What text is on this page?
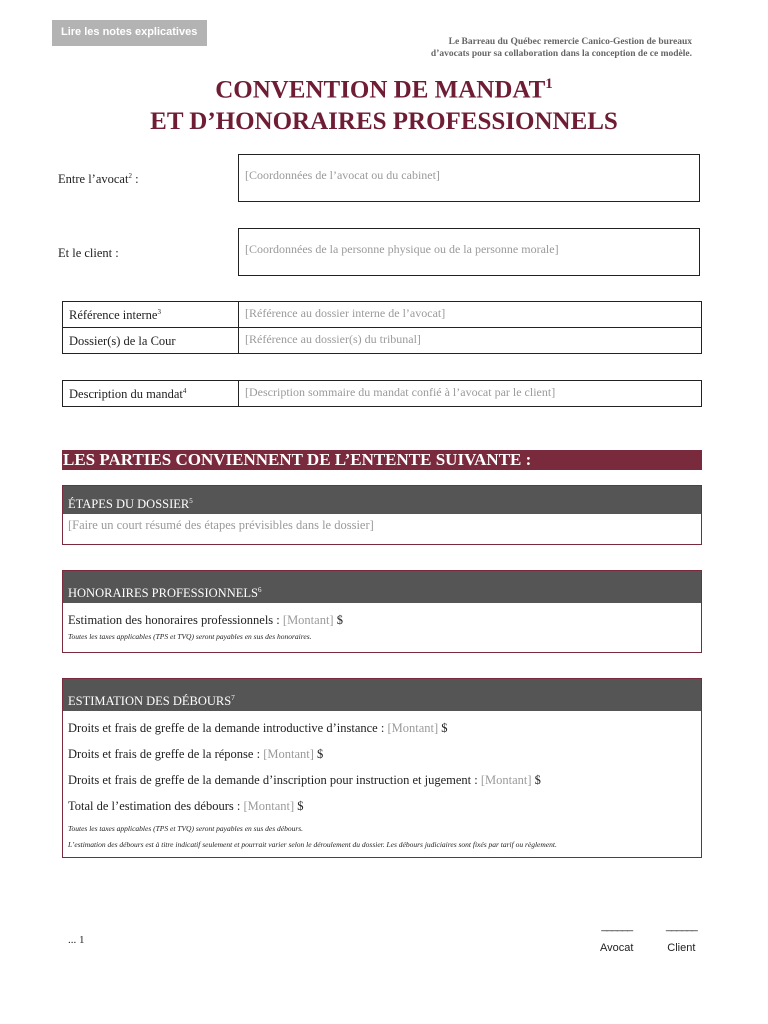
Lire les notes explicatives
Le Barreau du Québec remercie Canico-Gestion de bureaux
d’avocats pour sa collaboration dans la conception de ce modèle.
CONVENTION DE MANDAT$^1$
ET D’HONORAIRES PROFESSIONNELS
Entre l’avocat$^2$ :	[Coordonnées de l’avocat ou du cabinet]
Et le client :	[Coordonnées de la personne physique ou de la personne morale]
Référence interne$^3$	[Référence au dossier interne de l’avocat]
Dossier(s) de la Cour	[Référence au dossier(s) du tribunal]
Description du mandat$^4$	[Description sommaire du mandat confié à l’avocat par le client]
LES PARTIES CONVIENNENT DE L’ENTENTE SUIVANTE :
ÉTAPES DU DOSSIER$^5$
[Faire un court résumé des étapes prévisibles dans le dossier]
HONORAIRES PROFESSIONNELS$^6$
Estimation des honoraires professionnels : [Montant] $
Toutes les taxes applicables (TPS et TVQ) seront payables en sus des honoraires.
ESTIMATION DES DÉBOURS$^7$
Droits et frais de greffe de la demande introductive d’instance : [Montant] $
Droits et frais de greffe de la réponse : [Montant] $
Droits et frais de greffe de la demande d’inscription pour instruction et jugement : [Montant] $
Total de l’estimation des débours : [Montant] $
Toutes les taxes applicables (TPS et TVQ) seront payables en sus des débours.
L’estimation des débours est à titre indicatif seulement et pourrait varier selon le déroulement du dossier. Les débours judiciaires sont fixés par tarif ou règlement.
... 1
______
Avocat
______
Client
